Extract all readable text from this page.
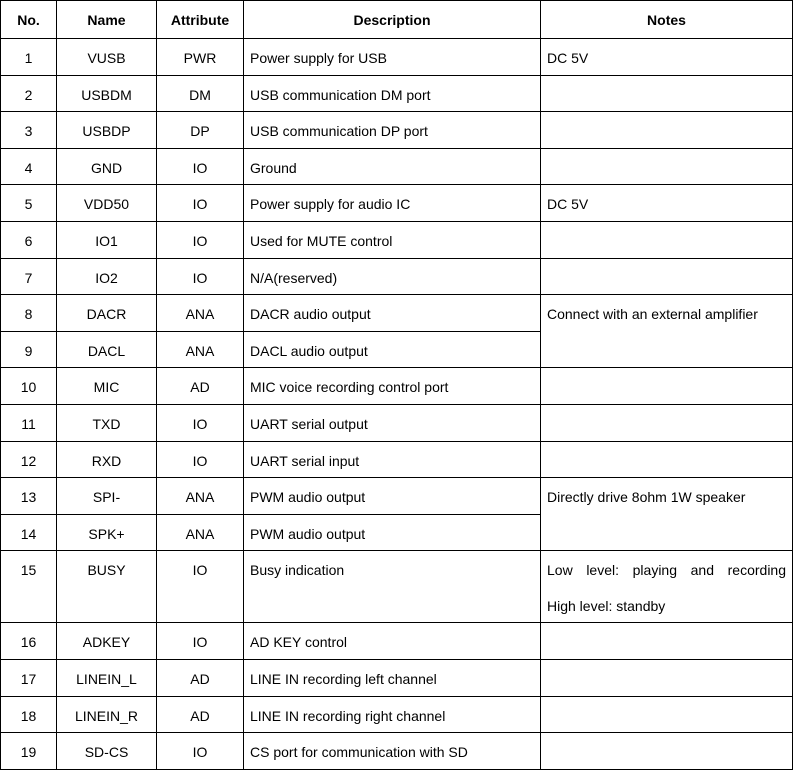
No.	Name	Attribute	Description	Notes
1	VUSB	PWR	Power supply for USB	DC 5V
2	USBDM	DM	USB communication DM port	
3	USBDP	DP	USB communication DP port	
4	GND	IO	Ground	
5	VDD50	IO	Power supply for audio IC	DC 5V
6	IO1	IO	Used for MUTE control	
7	IO2	IO	N/A(reserved)	
8	DACR	ANA	DACR audio output	Connect with an external amplifier
9	DACL	ANA	DACL audio output	
10	MIC	AD	MIC voice recording control port	
11	TXD	IO	UART serial output	
12	RXD	IO	UART serial input	
13	SPI-	ANA	PWM audio output	Directly drive 8ohm 1W speaker
14	SPK+	ANA	PWM audio output	
15	BUSY	IO	Busy indication	Low level: playing and recording
High level: standby

16	ADKEY	IO	AD KEY control	
17	LINEIN_L	AD	LINE IN recording left channel	
18	LINEIN_R	AD	LINE IN recording right channel	
19	SD-CS	IO	CS port for communication with SD	
